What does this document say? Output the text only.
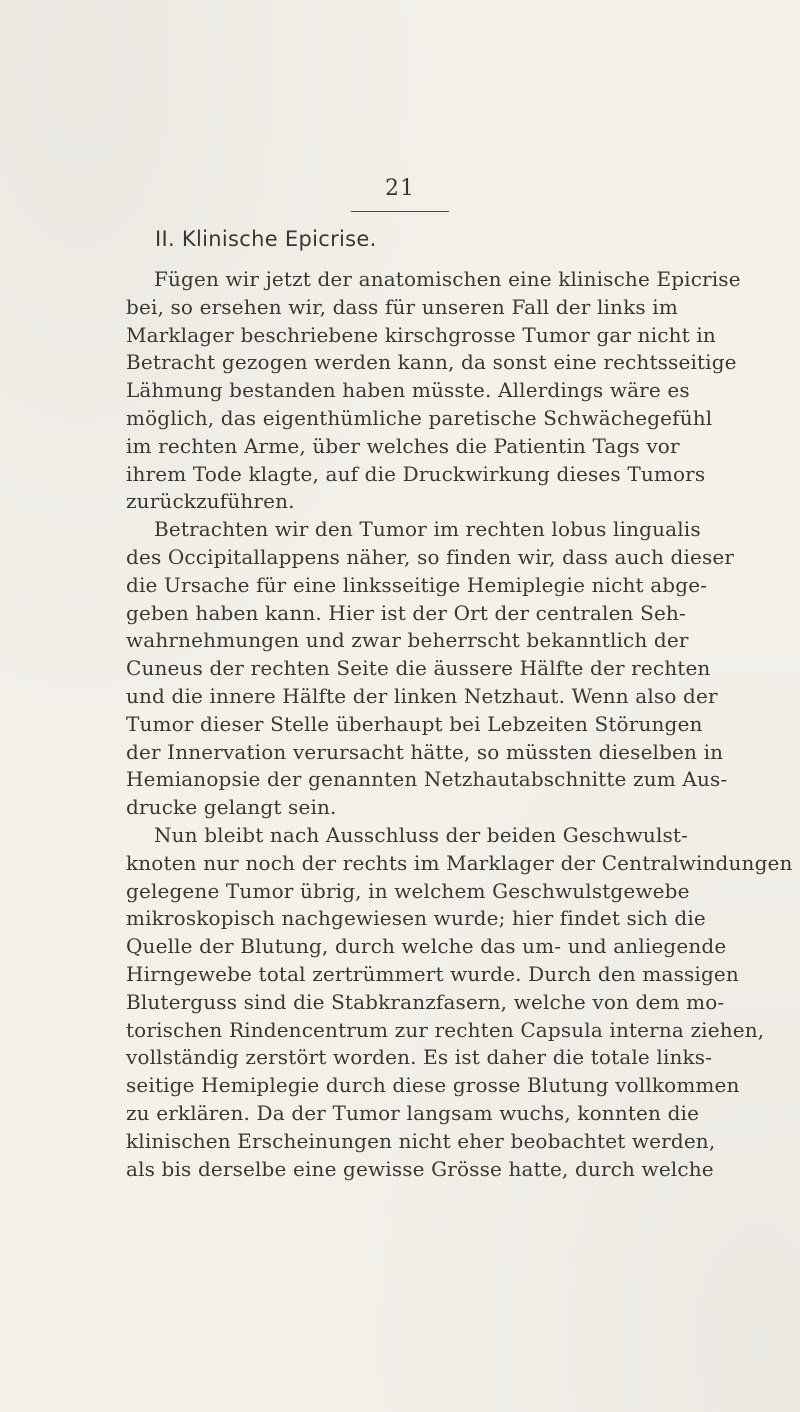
21
II. Klinische Epicrise.
Fügen wir jetzt der anatomischen eine klinische Epicrise
bei, so ersehen wir, dass für unseren Fall der links im
Marklager beschriebene kirschgrosse Tumor gar nicht in
Betracht gezogen werden kann, da sonst eine rechtsseitige
Lähmung bestanden haben müsste. Allerdings wäre es
möglich, das eigenthümliche paretische Schwächegefühl
im rechten Arme, über welches die Patientin Tags vor
ihrem Tode klagte, auf die Druckwirkung dieses Tumors
zurückzuführen.
Betrachten wir den Tumor im rechten lobus lingualis
des Occipitallappens näher, so finden wir, dass auch dieser
die Ursache für eine linksseitige Hemiplegie nicht abge-
geben haben kann. Hier ist der Ort der centralen Seh-
wahrnehmungen und zwar beherrscht bekanntlich der
Cuneus der rechten Seite die äussere Hälfte der rechten
und die innere Hälfte der linken Netzhaut. Wenn also der
Tumor dieser Stelle überhaupt bei Lebzeiten Störungen
der Innervation verursacht hätte, so müssten dieselben in
Hemianopsie der genannten Netzhautabschnitte zum Aus-
drucke gelangt sein.
Nun bleibt nach Ausschluss der beiden Geschwulst-
knoten nur noch der rechts im Marklager der Centralwindungen
gelegene Tumor übrig, in welchem Geschwulstgewebe
mikroskopisch nachgewiesen wurde; hier findet sich die
Quelle der Blutung, durch welche das um- und anliegende
Hirngewebe total zertrümmert wurde. Durch den massigen
Bluterguss sind die Stabkranzfasern, welche von dem mo-
torischen Rindencentrum zur rechten Capsula interna ziehen,
vollständig zerstört worden. Es ist daher die totale links-
seitige Hemiplegie durch diese grosse Blutung vollkommen
zu erklären. Da der Tumor langsam wuchs, konnten die
klinischen Erscheinungen nicht eher beobachtet werden,
als bis derselbe eine gewisse Grösse hatte, durch welche
